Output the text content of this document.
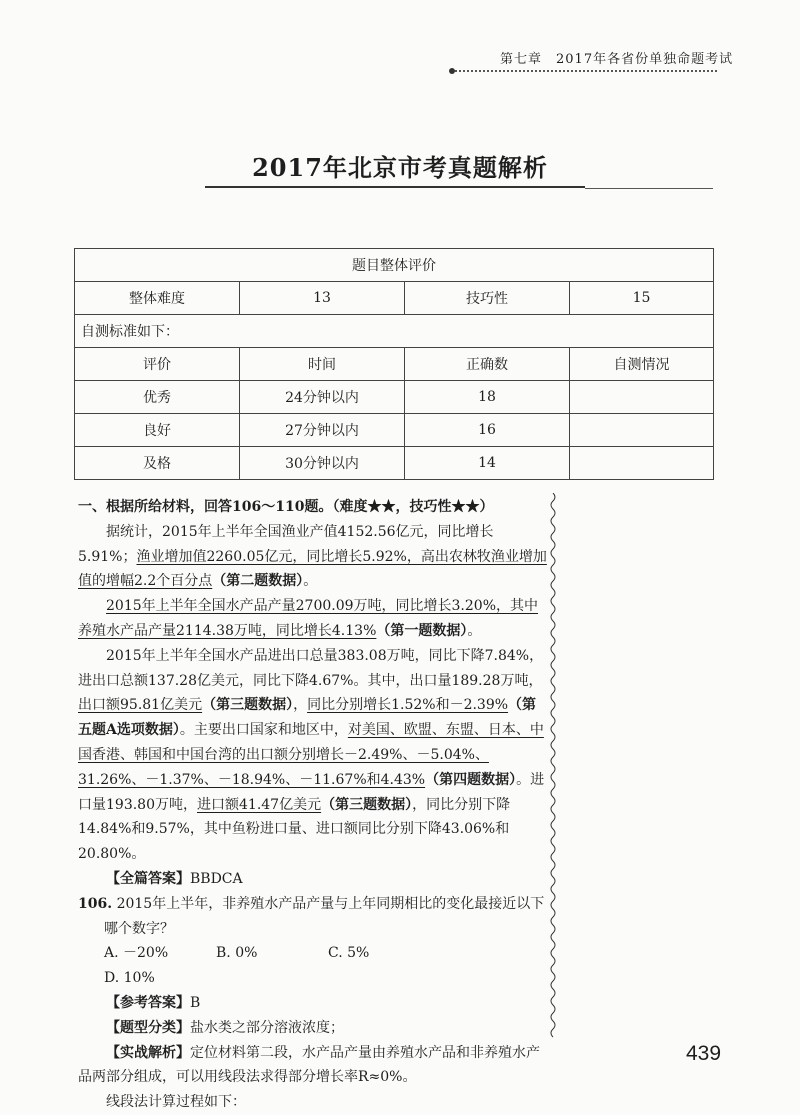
第七章　2017年各省份单独命题考试
2017年北京市考真题解析
题目整体评价			
整体难度	13	技巧性	15
自测标准如下：			
评价	时间	正确数	自测情况
优秀	24分钟以内	18	
良好	27分钟以内	16	
及格	30分钟以内	14	

一、根据所给材料，回答106～110题。（难度★★，技巧性★★）

据统计，2015年上半年全国渔业产值4152.56亿元，同比增长5.91%；渔业增加值2260.05亿元，同比增长5.92%，高出农林牧渔业增加值的增幅2.2个百分点（第二题数据）。

2015年上半年全国水产品产量2700.09万吨，同比增长3.20%，其中养殖水产品产量2114.38万吨，同比增长4.13%（第一题数据）。

2015年上半年全国水产品进出口总量383.08万吨，同比下降7.84%，进出口总额137.28亿美元，同比下降4.67%。其中，出口量189.28万吨，出口额95.81亿美元（第三题数据），同比分别增长1.52%和－2.39%（第五题A选项数据）。主要出口国家和地区中，对美国、欧盟、东盟、日本、中国香港、韩国和中国台湾的出口额分别增长－2.49%、－5.04%、31.26%、－1.37%、－18.94%、－11.67%和4.43%（第四题数据）。进口量193.80万吨，进口额41.47亿美元（第三题数据），同比分别下降14.84%和9.57%，其中鱼粉进口量、进口额同比分别下降43.06%和20.80%。

【全篇答案】BBDCA

106. 2015年上半年，非养殖水产品产量与上年同期相比的变化最接近以下哪个数字？

A. －20%	B. 0%	C. 5%D. 10%

【参考答案】B

【题型分类】盐水类之部分溶液浓度；

【实战解析】定位材料第二段，水产品产量由养殖水产品和非养殖水产品两部分组成，可以用线段法求得部分增长率R≈0%。

线段法计算过程如下：

439
